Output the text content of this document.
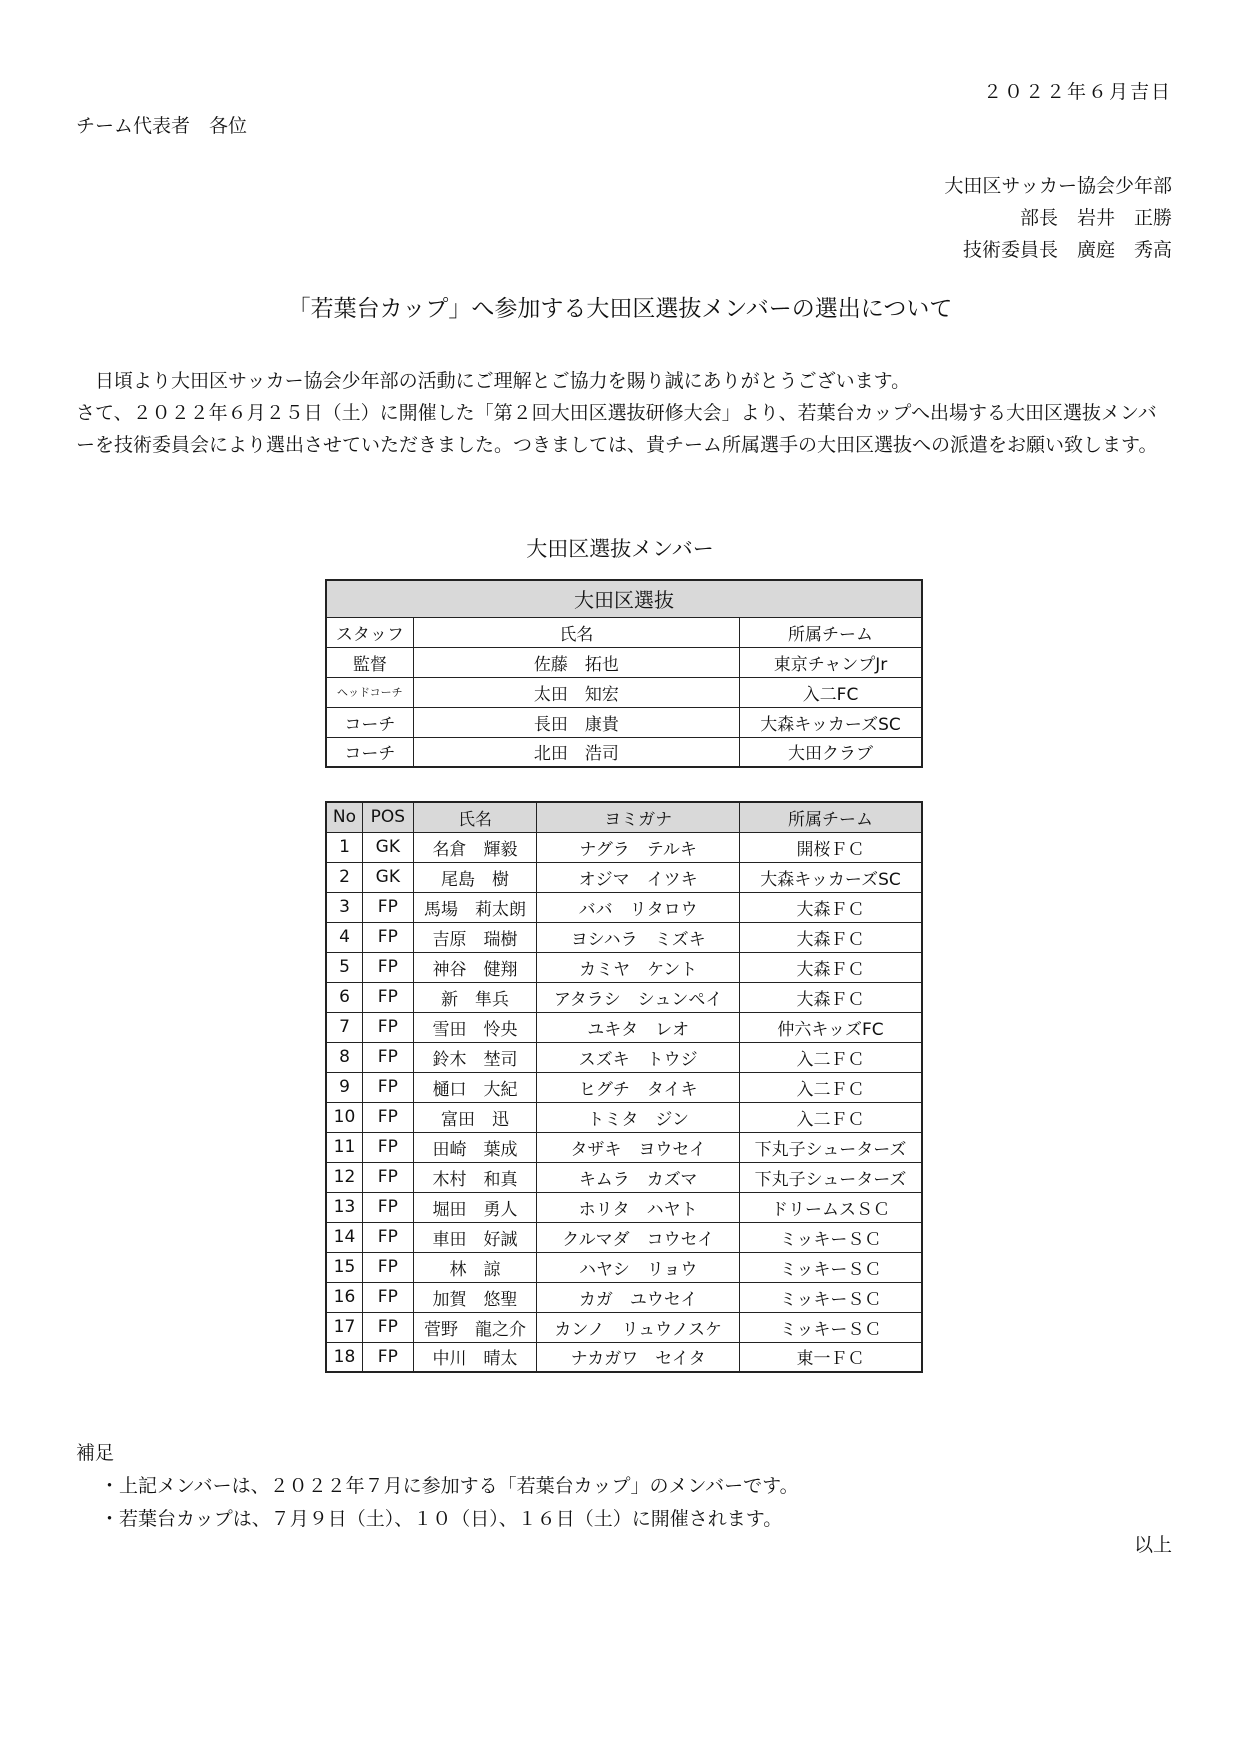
２０２２年６月吉日
チーム代表者　各位
大田区サッカー協会少年部
部長　岩井　正勝
技術委員長　廣庭　秀高
「若葉台カップ」へ参加する大田区選抜メンバーの選出について

日頃より大田区サッカー協会少年部の活動にご理解とご協力を賜り誠にありがとうございます。

さて、２０２２年６月２５日（土）に開催した「第２回大田区選抜研修大会」より、若葉台カップへ出場する大田区選抜メンバーを技術委員会により選出させていただきました。つきましては、貴チーム所属選手の大田区選抜への派遣をお願い致します。

大田区選抜メンバー
大田区選抜		
スタッフ	氏名	所属チーム
監督	佐藤　拓也	東京チャンプJr
ヘッドコーチ	太田　知宏	入二FC
コーチ	長田　康貴	大森キッカーズSC
コーチ	北田　浩司	大田クラブ
No	POS	氏名	ヨミガナ	所属チーム
1	GK	名倉　輝毅	ナグラ　テルキ	開桜ＦＣ
2	GK	尾島　樹	オジマ　イツキ	大森キッカーズSC
3	FP	馬場　莉太朗	ババ　リタロウ	大森ＦＣ
4	FP	吉原　瑞樹	ヨシハラ　ミズキ	大森ＦＣ
5	FP	神谷　健翔	カミヤ　ケント	大森ＦＣ
6	FP	新　隼兵	アタラシ　シュンペイ	大森ＦＣ
7	FP	雪田　怜央	ユキタ　レオ	仲六キッズFC
8	FP	鈴木　埜司	スズキ　トウジ	入二ＦＣ
9	FP	樋口　大紀	ヒグチ　タイキ	入二ＦＣ
10	FP	富田　迅	トミタ　ジン	入二ＦＣ
11	FP	田崎　葉成	タザキ　ヨウセイ	下丸子シューターズ
12	FP	木村　和真	キムラ　カズマ	下丸子シューターズ
13	FP	堀田　勇人	ホリタ　ハヤト	ドリームスＳＣ
14	FP	車田　好誠	クルマダ　コウセイ	ミッキーＳＣ
15	FP	林　諒	ハヤシ　リョウ	ミッキーＳＣ
16	FP	加賀　悠聖	カガ　ユウセイ	ミッキーＳＣ
17	FP	菅野　龍之介	カンノ　リュウノスケ	ミッキーＳＣ
18	FP	中川　晴太	ナカガワ　セイタ	東一ＦＣ
補足
・上記メンバーは、２０２２年７月に参加する「若葉台カップ」のメンバーです。
・若葉台カップは、７月９日（土）、１０（日）、１６日（土）に開催されます。
以上
